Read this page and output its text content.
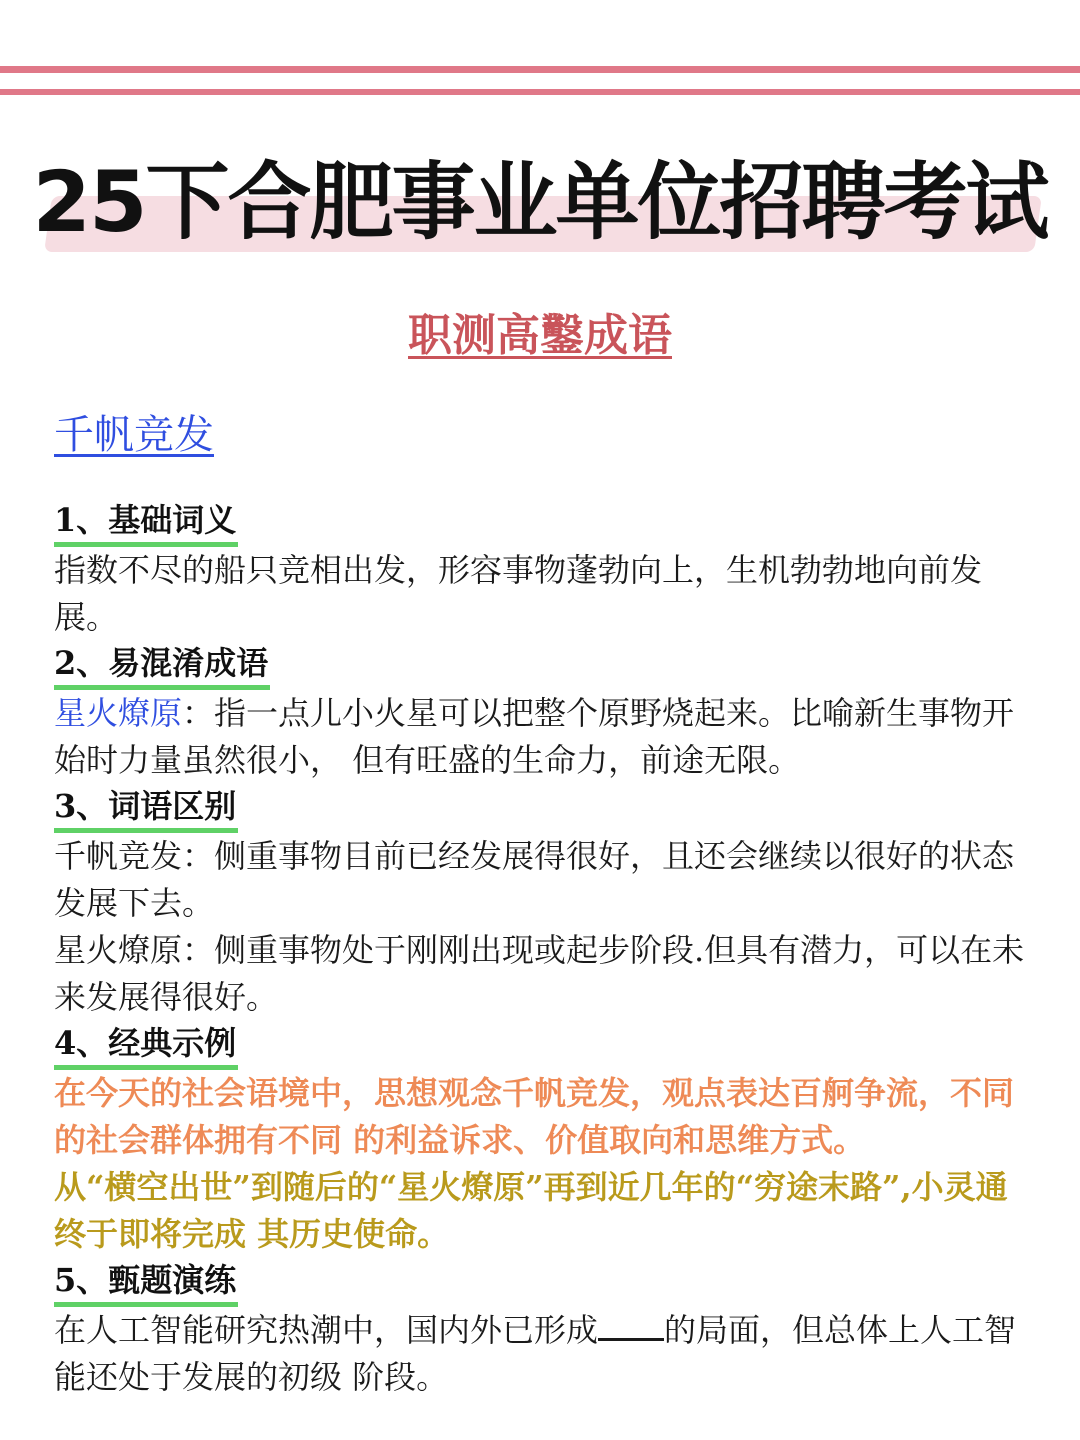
25下合肥事业单位招聘考试
职测高鑿成语
千帆竞发
1、基础词义

指数不尽的船只竞相出发，形容事物蓬勃向上，生机勃勃地向前发展。

2、易混淆成语

星火燎原：指一点儿小火星可以把整个原野烧起来。比喻新生事物开始时力量虽然很小， 但有旺盛的生命力，前途无限。

3、词语区别

千帆竞发：侧重事物目前已经发展得很好，且还会继续以很好的状态发展下去。

星火燎原：侧重事物处于刚刚出现或起步阶段.但具有潜力，可以在未来发展得很好。

4、经典示例

在今天的社会语境中，思想观念千帆竞发，观点表达百舸争流，不同的社会群体拥有不同 的利益诉求、价值取向和思维方式。

从“横空出世”到随后的“星火燎原”再到近几年的“穷途末路”,小灵通终于即将完成 其历史使命。

5、甄题演练

在人工智能研究热潮中，国内外已形成 的局面，但总体上人工智能还处于发展的初级 阶段。
